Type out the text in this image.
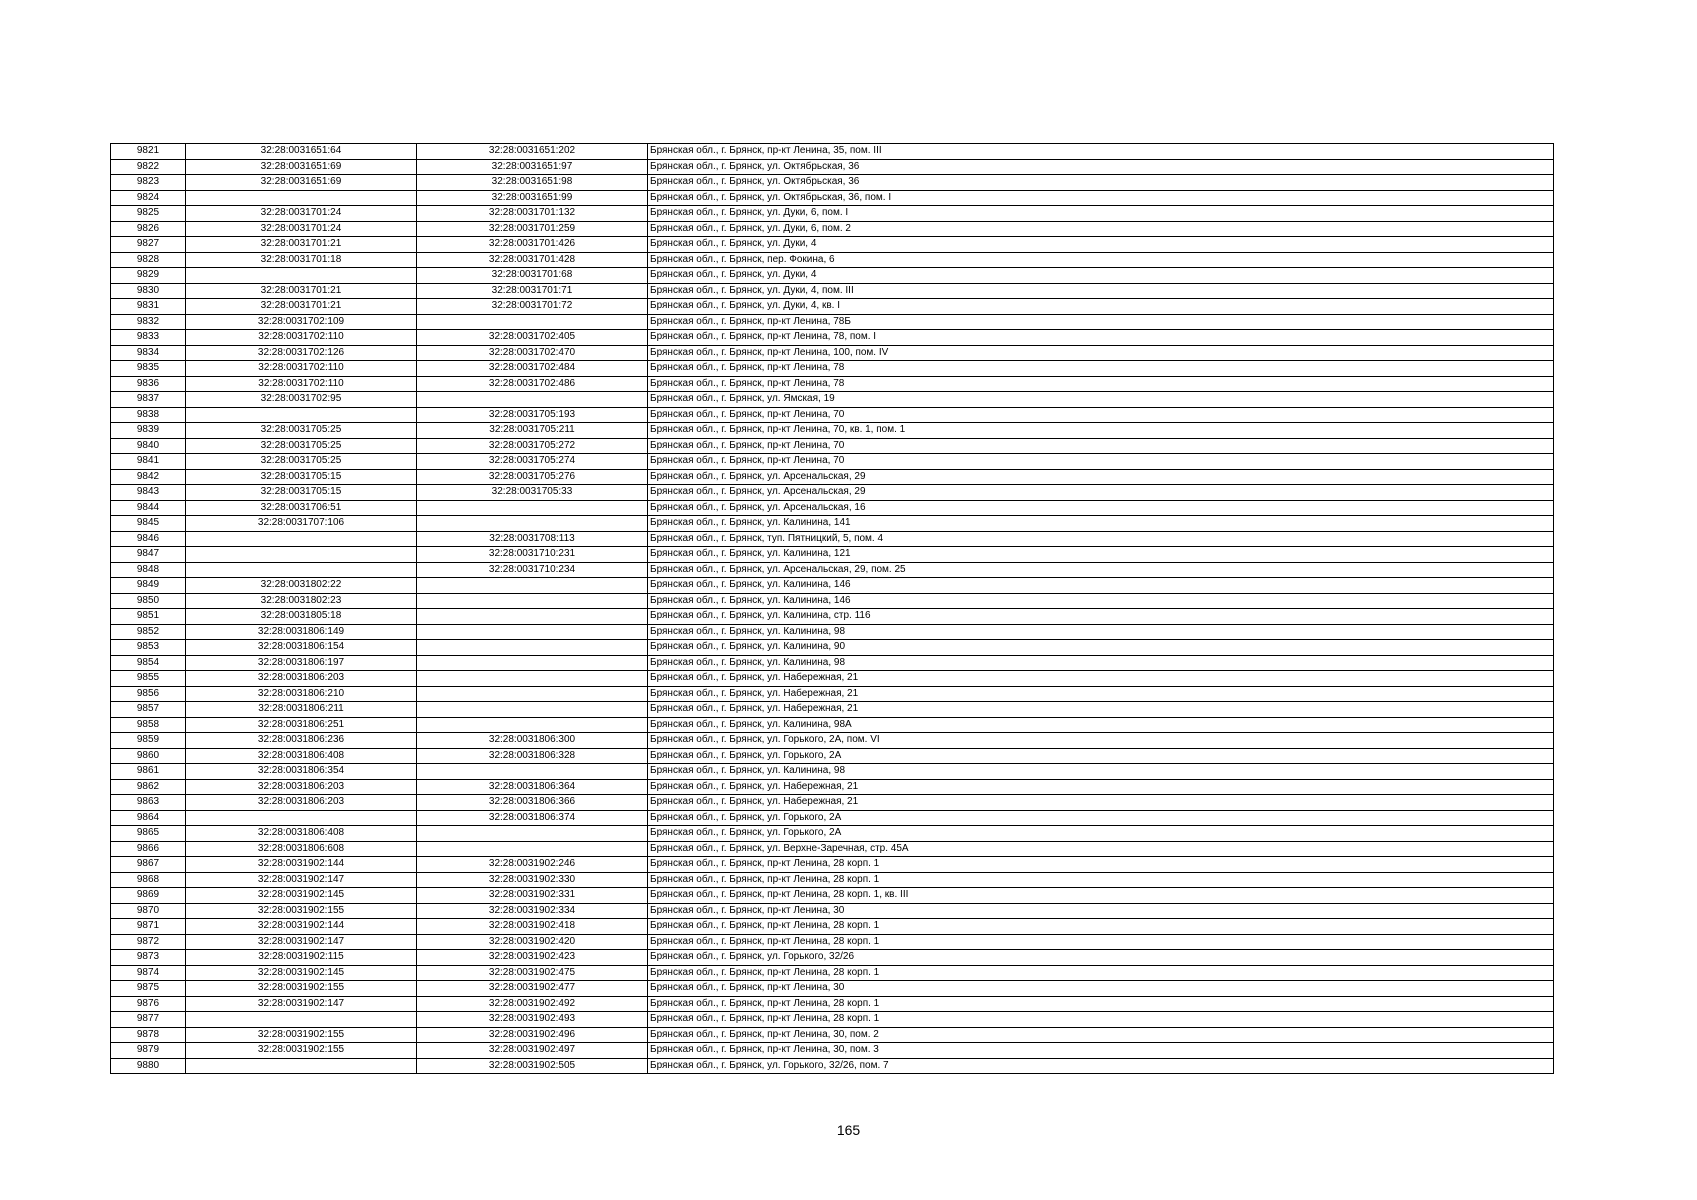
9821	32:28:0031651:64	32:28:0031651:202	Брянская обл., г. Брянск, пр-кт Ленина, 35, пом. III
9822	32:28:0031651:69	32:28:0031651:97	Брянская обл., г. Брянск, ул. Октябрьская, 36
9823	32:28:0031651:69	32:28:0031651:98	Брянская обл., г. Брянск, ул. Октябрьская, 36
9824		32:28:0031651:99	Брянская обл., г. Брянск, ул. Октябрьская, 36, пом. I
9825	32:28:0031701:24	32:28:0031701:132	Брянская обл., г. Брянск, ул. Дуки, 6, пом. I
9826	32:28:0031701:24	32:28:0031701:259	Брянская обл., г. Брянск, ул. Дуки, 6, пом. 2
9827	32:28:0031701:21	32:28:0031701:426	Брянская обл., г. Брянск, ул. Дуки, 4
9828	32:28:0031701:18	32:28:0031701:428	Брянская обл., г. Брянск, пер. Фокина, 6
9829		32:28:0031701:68	Брянская обл., г. Брянск, ул. Дуки, 4
9830	32:28:0031701:21	32:28:0031701:71	Брянская обл., г. Брянск, ул. Дуки, 4, пом. III
9831	32:28:0031701:21	32:28:0031701:72	Брянская обл., г. Брянск, ул. Дуки, 4, кв. I
9832	32:28:0031702:109		Брянская обл., г. Брянск, пр-кт Ленина, 78Б
9833	32:28:0031702:110	32:28:0031702:405	Брянская обл., г. Брянск, пр-кт Ленина, 78, пом. I
9834	32:28:0031702:126	32:28:0031702:470	Брянская обл., г. Брянск, пр-кт Ленина, 100, пом. IV
9835	32:28:0031702:110	32:28:0031702:484	Брянская обл., г. Брянск, пр-кт Ленина, 78
9836	32:28:0031702:110	32:28:0031702:486	Брянская обл., г. Брянск, пр-кт Ленина, 78
9837	32:28:0031702:95		Брянская обл., г. Брянск, ул. Ямская, 19
9838		32:28:0031705:193	Брянская обл., г. Брянск, пр-кт Ленина, 70
9839	32:28:0031705:25	32:28:0031705:211	Брянская обл., г. Брянск, пр-кт Ленина, 70, кв. 1, пом. 1
9840	32:28:0031705:25	32:28:0031705:272	Брянская обл., г. Брянск, пр-кт Ленина, 70
9841	32:28:0031705:25	32:28:0031705:274	Брянская обл., г. Брянск, пр-кт Ленина, 70
9842	32:28:0031705:15	32:28:0031705:276	Брянская обл., г. Брянск, ул. Арсенальская, 29
9843	32:28:0031705:15	32:28:0031705:33	Брянская обл., г. Брянск, ул. Арсенальская, 29
9844	32:28:0031706:51		Брянская обл., г. Брянск, ул. Арсенальская, 16
9845	32:28:0031707:106		Брянская обл., г. Брянск, ул. Калинина, 141
9846		32:28:0031708:113	Брянская обл., г. Брянск, туп. Пятницкий, 5, пом. 4
9847		32:28:0031710:231	Брянская обл., г. Брянск, ул. Калинина, 121
9848		32:28:0031710:234	Брянская обл., г. Брянск, ул. Арсенальская, 29, пом. 25
9849	32:28:0031802:22		Брянская обл., г. Брянск, ул. Калинина, 146
9850	32:28:0031802:23		Брянская обл., г. Брянск, ул. Калинина, 146
9851	32:28:0031805:18		Брянская обл., г. Брянск, ул. Калинина, стр. 116
9852	32:28:0031806:149		Брянская обл., г. Брянск, ул. Калинина, 98
9853	32:28:0031806:154		Брянская обл., г. Брянск, ул. Калинина, 90
9854	32:28:0031806:197		Брянская обл., г. Брянск, ул. Калинина, 98
9855	32:28:0031806:203		Брянская обл., г. Брянск, ул. Набережная, 21
9856	32:28:0031806:210		Брянская обл., г. Брянск, ул. Набережная, 21
9857	32:28:0031806:211		Брянская обл., г. Брянск, ул. Набережная, 21
9858	32:28:0031806:251		Брянская обл., г. Брянск, ул. Калинина, 98А
9859	32:28:0031806:236	32:28:0031806:300	Брянская обл., г. Брянск, ул. Горького, 2А, пом. VI
9860	32:28:0031806:408	32:28:0031806:328	Брянская обл., г. Брянск, ул. Горького, 2А
9861	32:28:0031806:354		Брянская обл., г. Брянск, ул. Калинина, 98
9862	32:28:0031806:203	32:28:0031806:364	Брянская обл., г. Брянск, ул. Набережная, 21
9863	32:28:0031806:203	32:28:0031806:366	Брянская обл., г. Брянск, ул. Набережная, 21
9864		32:28:0031806:374	Брянская обл., г. Брянск, ул. Горького, 2А
9865	32:28:0031806:408		Брянская обл., г. Брянск, ул. Горького, 2А
9866	32:28:0031806:608		Брянская обл., г. Брянск, ул. Верхне-Заречная, стр. 45А
9867	32:28:0031902:144	32:28:0031902:246	Брянская обл., г. Брянск, пр-кт Ленина, 28 корп. 1
9868	32:28:0031902:147	32:28:0031902:330	Брянская обл., г. Брянск, пр-кт Ленина, 28 корп. 1
9869	32:28:0031902:145	32:28:0031902:331	Брянская обл., г. Брянск, пр-кт Ленина, 28 корп. 1, кв. III
9870	32:28:0031902:155	32:28:0031902:334	Брянская обл., г. Брянск, пр-кт Ленина, 30
9871	32:28:0031902:144	32:28:0031902:418	Брянская обл., г. Брянск, пр-кт Ленина, 28 корп. 1
9872	32:28:0031902:147	32:28:0031902:420	Брянская обл., г. Брянск, пр-кт Ленина, 28 корп. 1
9873	32:28:0031902:115	32:28:0031902:423	Брянская обл., г. Брянск, ул. Горького, 32/26
9874	32:28:0031902:145	32:28:0031902:475	Брянская обл., г. Брянск, пр-кт Ленина, 28 корп. 1
9875	32:28:0031902:155	32:28:0031902:477	Брянская обл., г. Брянск, пр-кт Ленина, 30
9876	32:28:0031902:147	32:28:0031902:492	Брянская обл., г. Брянск, пр-кт Ленина, 28 корп. 1
9877		32:28:0031902:493	Брянская обл., г. Брянск, пр-кт Ленина, 28 корп. 1
9878	32:28:0031902:155	32:28:0031902:496	Брянская обл., г. Брянск, пр-кт Ленина, 30, пом. 2
9879	32:28:0031902:155	32:28:0031902:497	Брянская обл., г. Брянск, пр-кт Ленина, 30, пом. 3
9880		32:28:0031902:505	Брянская обл., г. Брянск, ул. Горького, 32/26, пом. 7
165
